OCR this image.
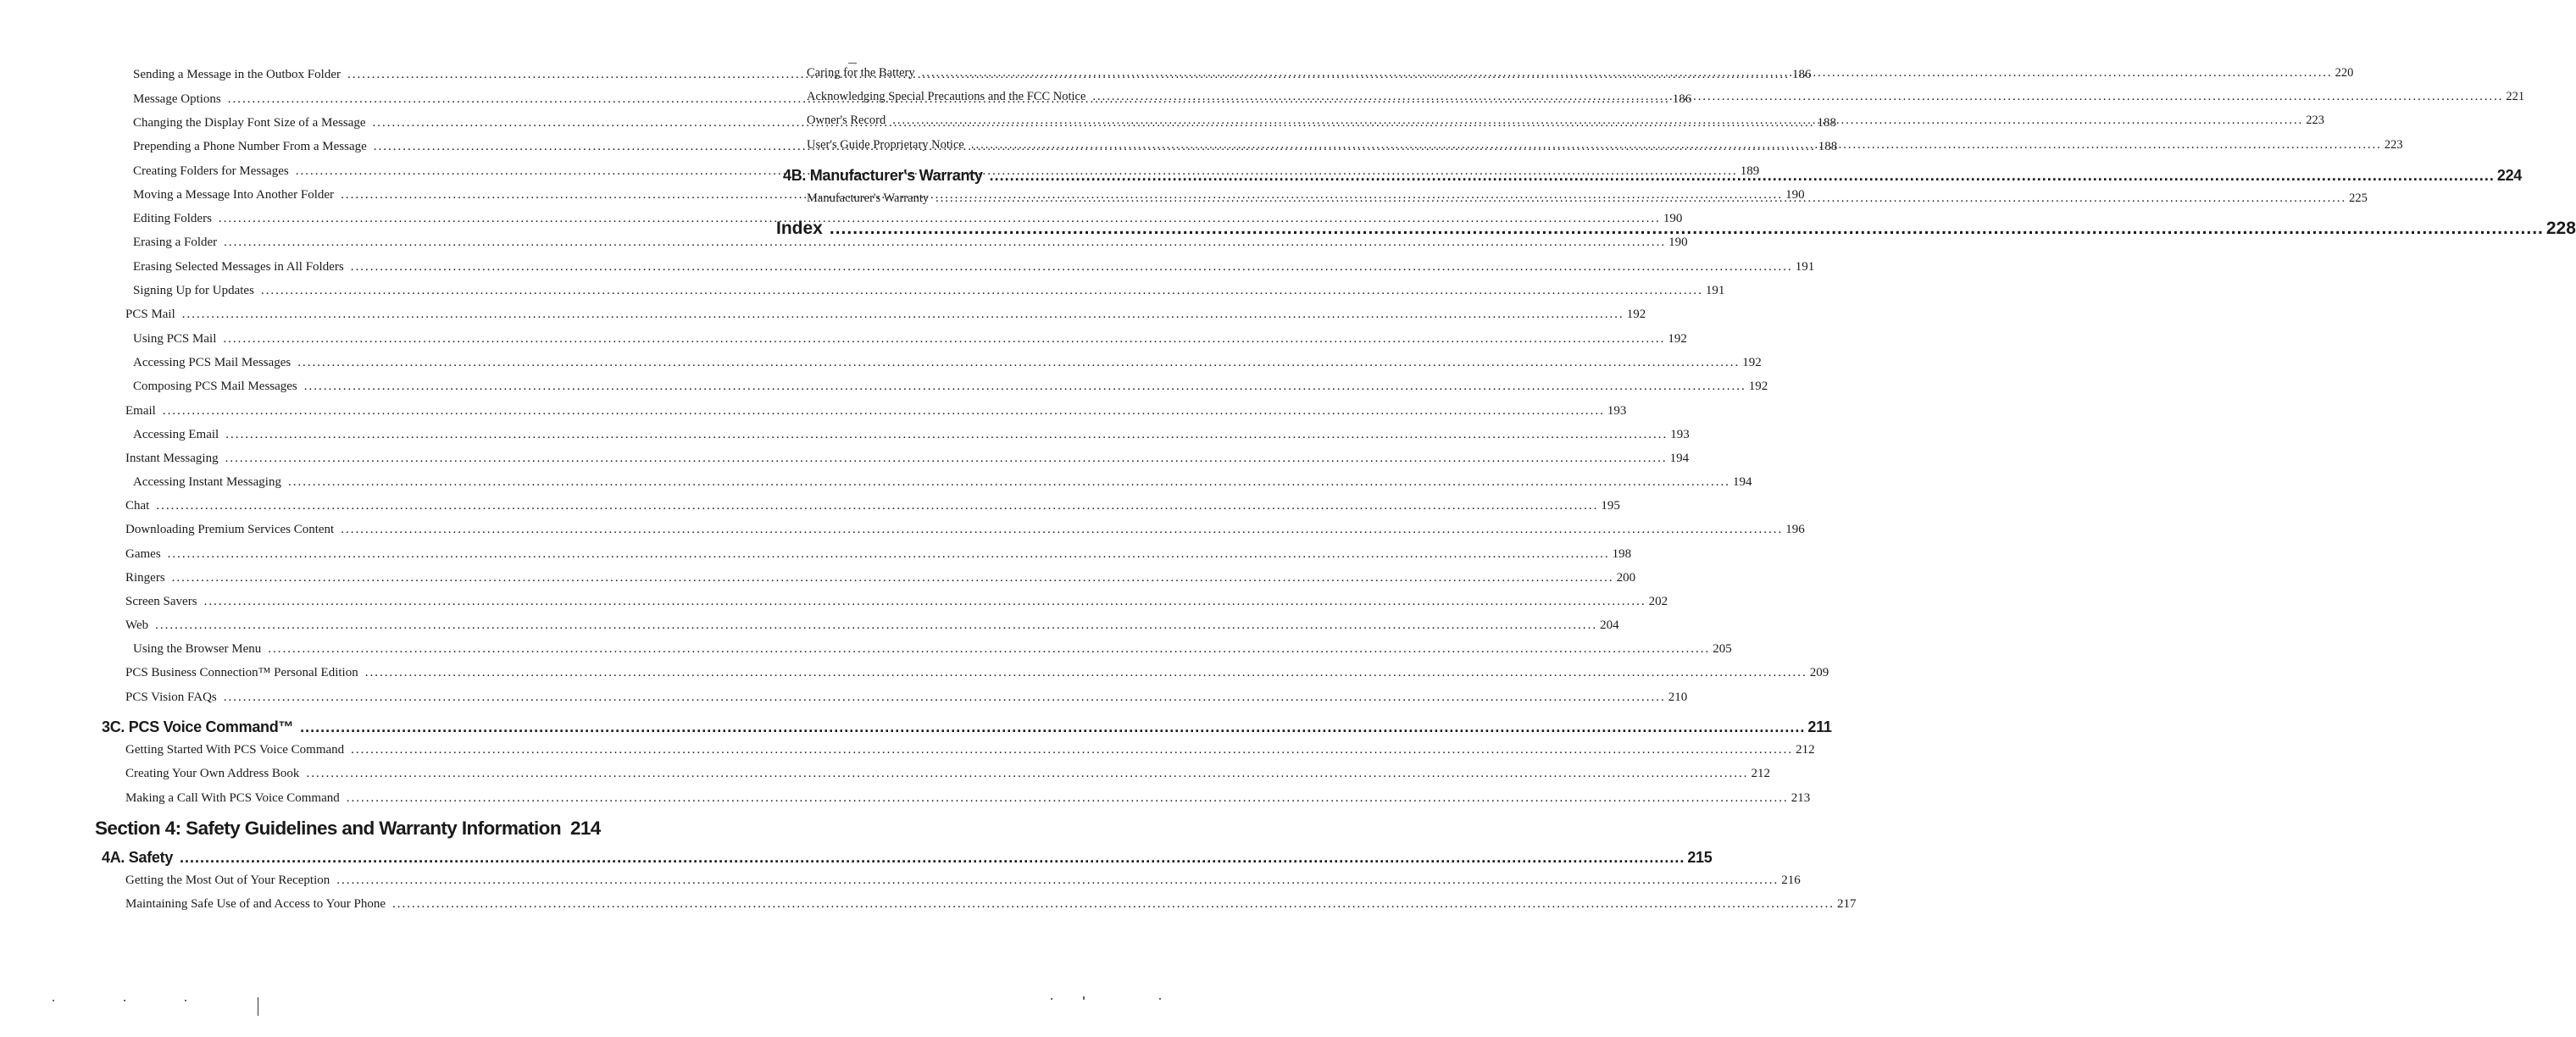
Sending a Message in the Outbox Folder .....	186
Message Options .....	186
Changing the Display Font Size of a Message .....	188
Prepending a Phone Number From a Message .....	188
Creating Folders for Messages .....	189
Moving a Message Into Another Folder .....	190
Editing Folders .....	190
Erasing a Folder .....	190
Erasing Selected Messages in All Folders .....	191
Signing Up for Updates .....	191
PCS Mail .....	192
Using PCS Mail .....	192
Accessing PCS Mail Messages .....	192
Composing PCS Mail Messages .....	192
Email .....	193
Accessing Email .....	193
Instant Messaging .....	194
Accessing Instant Messaging .....	194
Chat .....	195
Downloading Premium Services Content .....	196
Games .....	198
Ringers .....	200
Screen Savers .....	202
Web .....	204
Using the Browser Menu .....	205
PCS Business Connection™ Personal Edition .....	209
PCS Vision FAQs .....	210
3C. PCS Voice Command™ .....	211
Getting Started With PCS Voice Command .....	212
Creating Your Own Address Book .....	212
Making a Call With PCS Voice Command .....	213
Section 4: Safety Guidelines and Warranty Information 214
4A. Safety .....	215
Getting the Most Out of Your Reception .....	216
Maintaining Safe Use of and Access to Your Phone .....	217
Caring for the Battery .....	220
Acknowledging Special Precautions and the FCC Notice .....	221
Owner's Record .....	223
User's Guide Proprietary Notice .....	223
4B. Manufacturer's Warranty .....	224
Manufacturer's Warranty .....	225
Index .....	228
